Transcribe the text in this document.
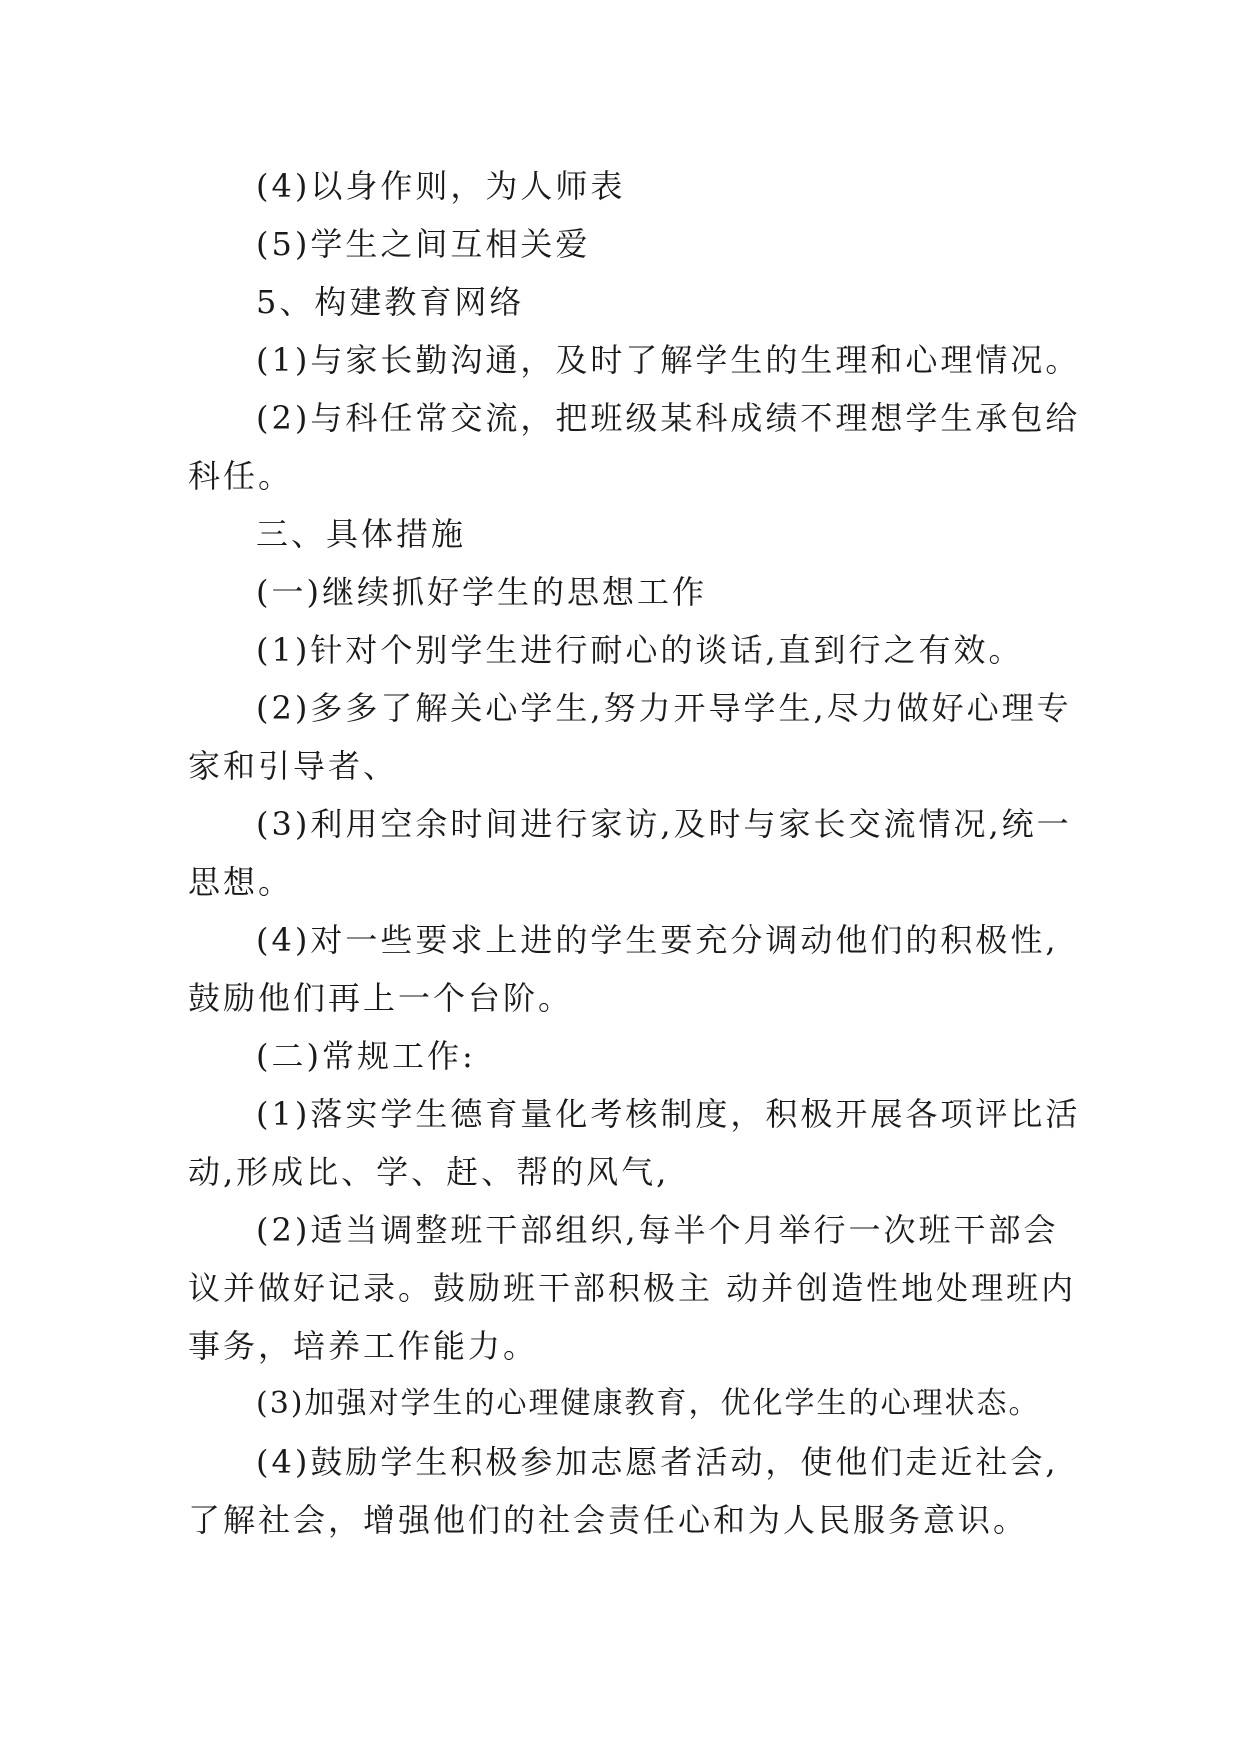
(4)以身作则，为人师表

(5)学生之间互相关爱

5、构建教育网络

(1)与家长勤沟通，及时了解学生的生理和心理情况。

(2)与科任常交流，把班级某科成绩不理想学生承包给

科任。

三、具体措施

(一)继续抓好学生的思想工作

(1)针对个别学生进行耐心的谈话,直到行之有效。

(2)多多了解关心学生,努力开导学生,尽力做好心理专

家和引导者、

(3)利用空余时间进行家访,及时与家长交流情况,统一

思想。

(4)对一些要求上进的学生要充分调动他们的积极性,

鼓励他们再上一个台阶。

(二)常规工作:

(1)落实学生德育量化考核制度，积极开展各项评比活

动,形成比、学、赶、帮的风气,

(2)适当调整班干部组织,每半个月举行一次班干部会

议并做好记录。鼓励班干部积极主 动并创造性地处理班内

事务，培养工作能力。

(3)加强对学生的心理健康教育，优化学生的心理状态。

(4)鼓励学生积极参加志愿者活动，使他们走近社会,

了解社会，增强他们的社会责任心和为人民服务意识。
